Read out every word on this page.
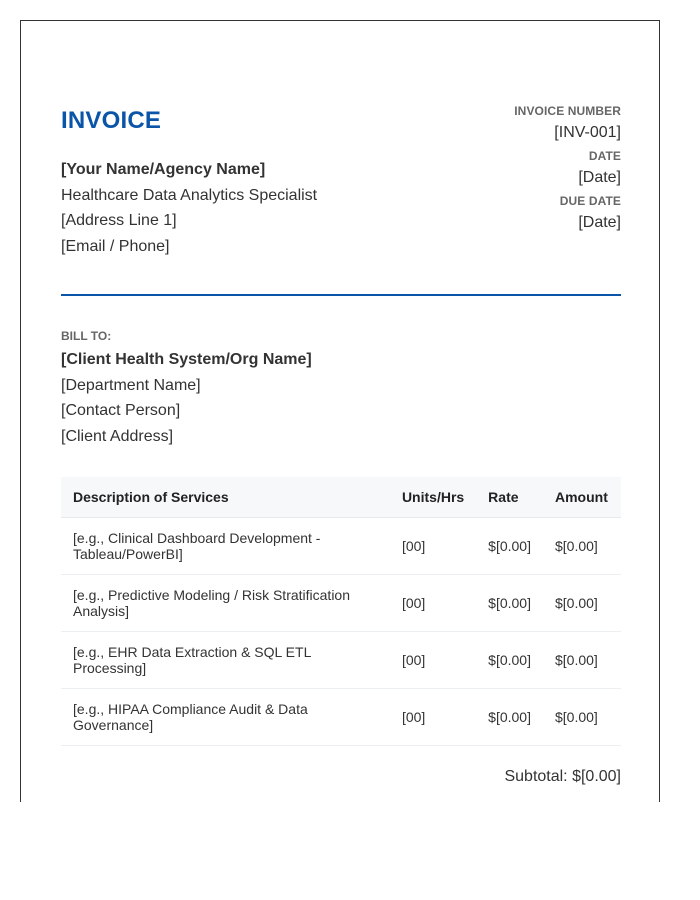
INVOICE
[Your Name/Agency Name]
Healthcare Data Analytics Specialist
[Address Line 1]
[Email / Phone]
INVOICE NUMBER
[INV-001]
DATE
[Date]
DUE DATE
[Date]
BILL TO:
[Client Health System/Org Name]
[Department Name]
[Contact Person]
[Client Address]
Description of Services	Units/Hrs	Rate	Amount
[e.g., Clinical Dashboard Development - Tableau/PowerBI]	[00]	$[0.00]	$[0.00]
[e.g., Predictive Modeling / Risk Stratification Analysis]	[00]	$[0.00]	$[0.00]
[e.g., EHR Data Extraction & SQL ETL Processing]	[00]	$[0.00]	$[0.00]
[e.g., HIPAA Compliance Audit & Data Governance]	[00]	$[0.00]	$[0.00]
Subtotal: $[0.00]
